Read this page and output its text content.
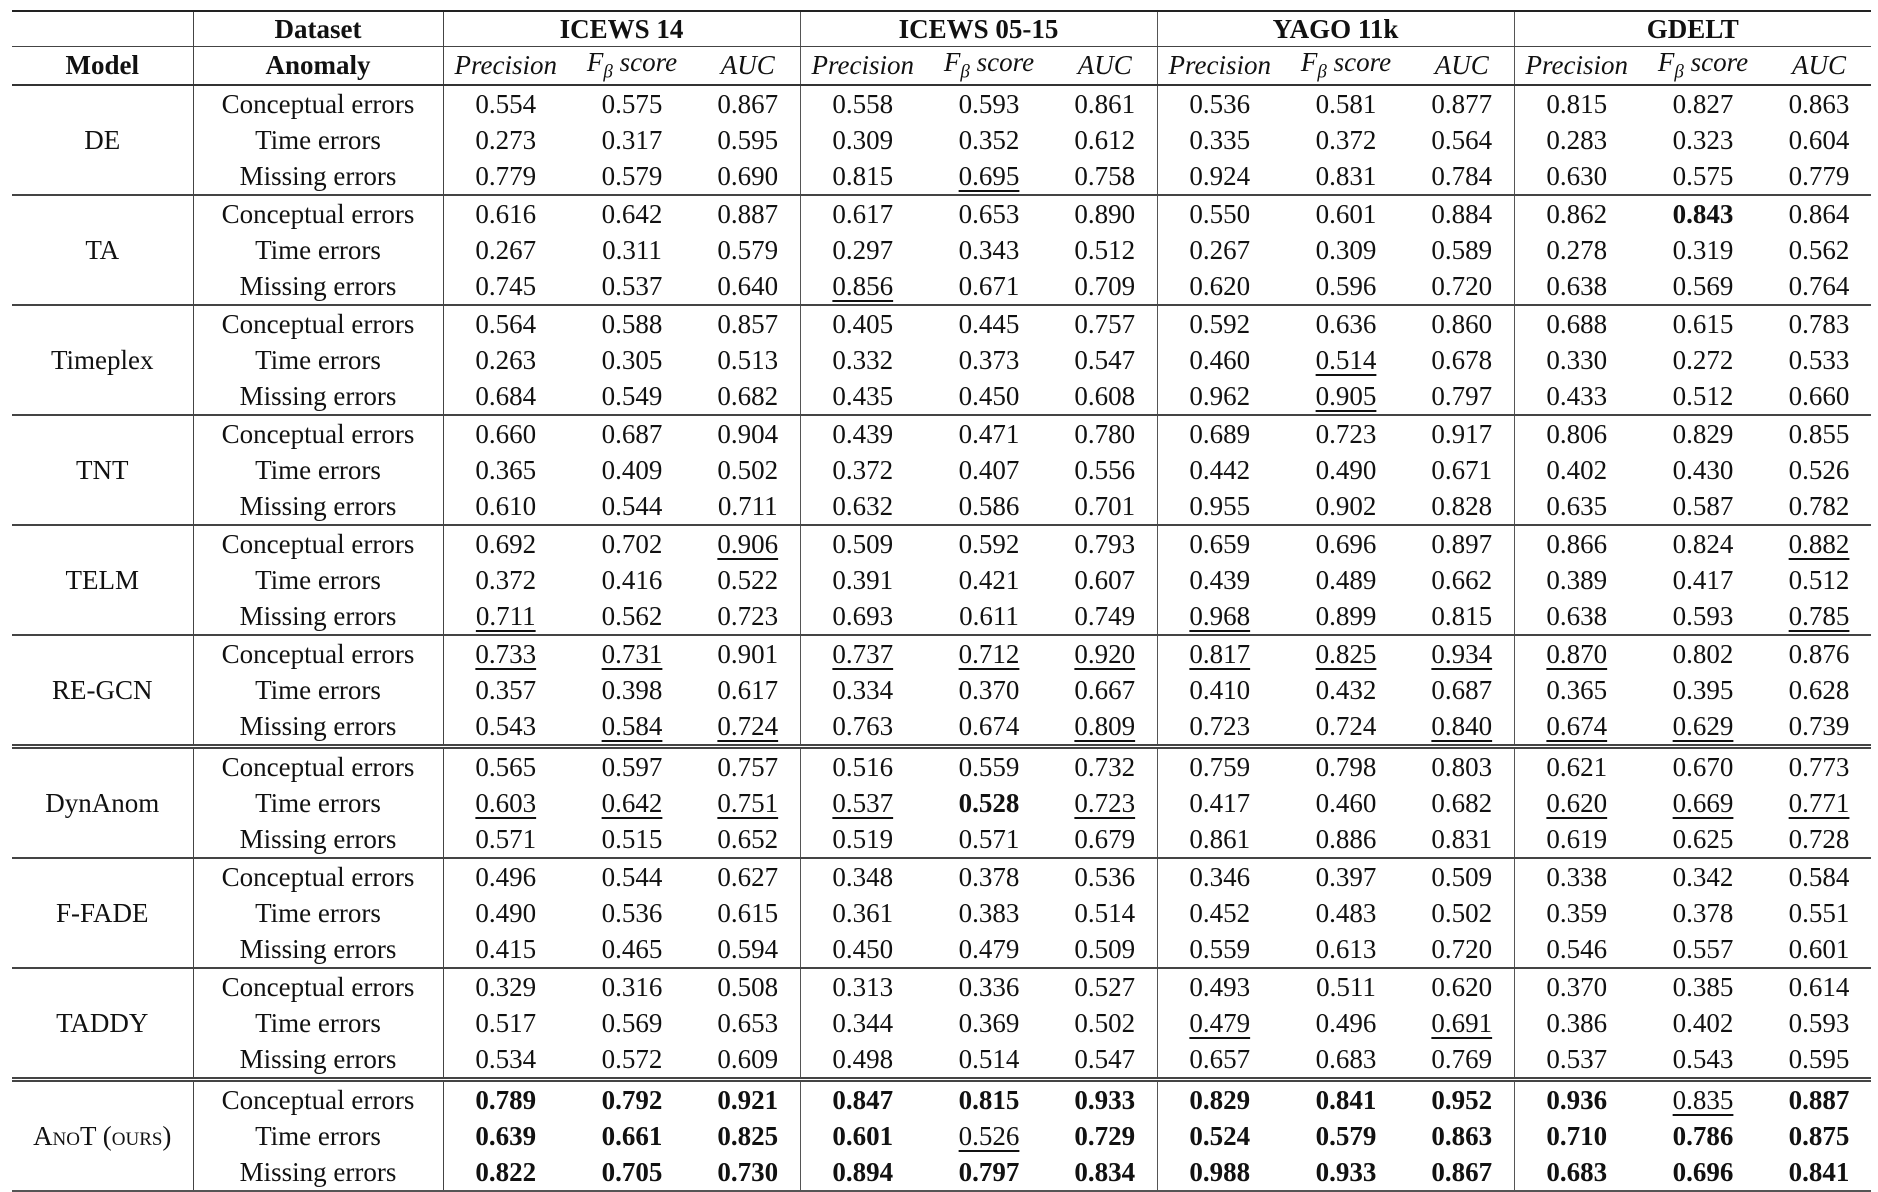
	Dataset	ICEWS 14			ICEWS 05-15			YAGO 11k			GDELT		
Model	Anomaly	Precision	$F_\beta$ score	AUC	Precision	$F_\beta$ score	AUC	Precision	$F_\beta$ score	AUC	Precision	$F_\beta$ score	AUC
DE	Conceptual errors	0.554	0.575	0.867	0.558	0.593	0.861	0.536	0.581	0.877	0.815	0.827	0.863
	Time errors	0.273	0.317	0.595	0.309	0.352	0.612	0.335	0.372	0.564	0.283	0.323	0.604
	Missing errors	0.779	0.579	0.690	0.815	0.695	0.758	0.924	0.831	0.784	0.630	0.575	0.779
TA	Conceptual errors	0.616	0.642	0.887	0.617	0.653	0.890	0.550	0.601	0.884	0.862	0.843	0.864
	Time errors	0.267	0.311	0.579	0.297	0.343	0.512	0.267	0.309	0.589	0.278	0.319	0.562
	Missing errors	0.745	0.537	0.640	0.856	0.671	0.709	0.620	0.596	0.720	0.638	0.569	0.764
Timeplex	Conceptual errors	0.564	0.588	0.857	0.405	0.445	0.757	0.592	0.636	0.860	0.688	0.615	0.783
	Time errors	0.263	0.305	0.513	0.332	0.373	0.547	0.460	0.514	0.678	0.330	0.272	0.533
	Missing errors	0.684	0.549	0.682	0.435	0.450	0.608	0.962	0.905	0.797	0.433	0.512	0.660
TNT	Conceptual errors	0.660	0.687	0.904	0.439	0.471	0.780	0.689	0.723	0.917	0.806	0.829	0.855
	Time errors	0.365	0.409	0.502	0.372	0.407	0.556	0.442	0.490	0.671	0.402	0.430	0.526
	Missing errors	0.610	0.544	0.711	0.632	0.586	0.701	0.955	0.902	0.828	0.635	0.587	0.782
TELM	Conceptual errors	0.692	0.702	0.906	0.509	0.592	0.793	0.659	0.696	0.897	0.866	0.824	0.882
	Time errors	0.372	0.416	0.522	0.391	0.421	0.607	0.439	0.489	0.662	0.389	0.417	0.512
	Missing errors	0.711	0.562	0.723	0.693	0.611	0.749	0.968	0.899	0.815	0.638	0.593	0.785
RE-GCN	Conceptual errors	0.733	0.731	0.901	0.737	0.712	0.920	0.817	0.825	0.934	0.870	0.802	0.876
	Time errors	0.357	0.398	0.617	0.334	0.370	0.667	0.410	0.432	0.687	0.365	0.395	0.628
	Missing errors	0.543	0.584	0.724	0.763	0.674	0.809	0.723	0.724	0.840	0.674	0.629	0.739
DynAnom	Conceptual errors	0.565	0.597	0.757	0.516	0.559	0.732	0.759	0.798	0.803	0.621	0.670	0.773
	Time errors	0.603	0.642	0.751	0.537	0.528	0.723	0.417	0.460	0.682	0.620	0.669	0.771
	Missing errors	0.571	0.515	0.652	0.519	0.571	0.679	0.861	0.886	0.831	0.619	0.625	0.728
F-FADE	Conceptual errors	0.496	0.544	0.627	0.348	0.378	0.536	0.346	0.397	0.509	0.338	0.342	0.584
	Time errors	0.490	0.536	0.615	0.361	0.383	0.514	0.452	0.483	0.502	0.359	0.378	0.551
	Missing errors	0.415	0.465	0.594	0.450	0.479	0.509	0.559	0.613	0.720	0.546	0.557	0.601
TADDY	Conceptual errors	0.329	0.316	0.508	0.313	0.336	0.527	0.493	0.511	0.620	0.370	0.385	0.614
	Time errors	0.517	0.569	0.653	0.344	0.369	0.502	0.479	0.496	0.691	0.386	0.402	0.593
	Missing errors	0.534	0.572	0.609	0.498	0.514	0.547	0.657	0.683	0.769	0.537	0.543	0.595
AnoT (ours)	Conceptual errors	0.789	0.792	0.921	0.847	0.815	0.933	0.829	0.841	0.952	0.936	0.835	0.887
	Time errors	0.639	0.661	0.825	0.601	0.526	0.729	0.524	0.579	0.863	0.710	0.786	0.875
	Missing errors	0.822	0.705	0.730	0.894	0.797	0.834	0.988	0.933	0.867	0.683	0.696	0.841
